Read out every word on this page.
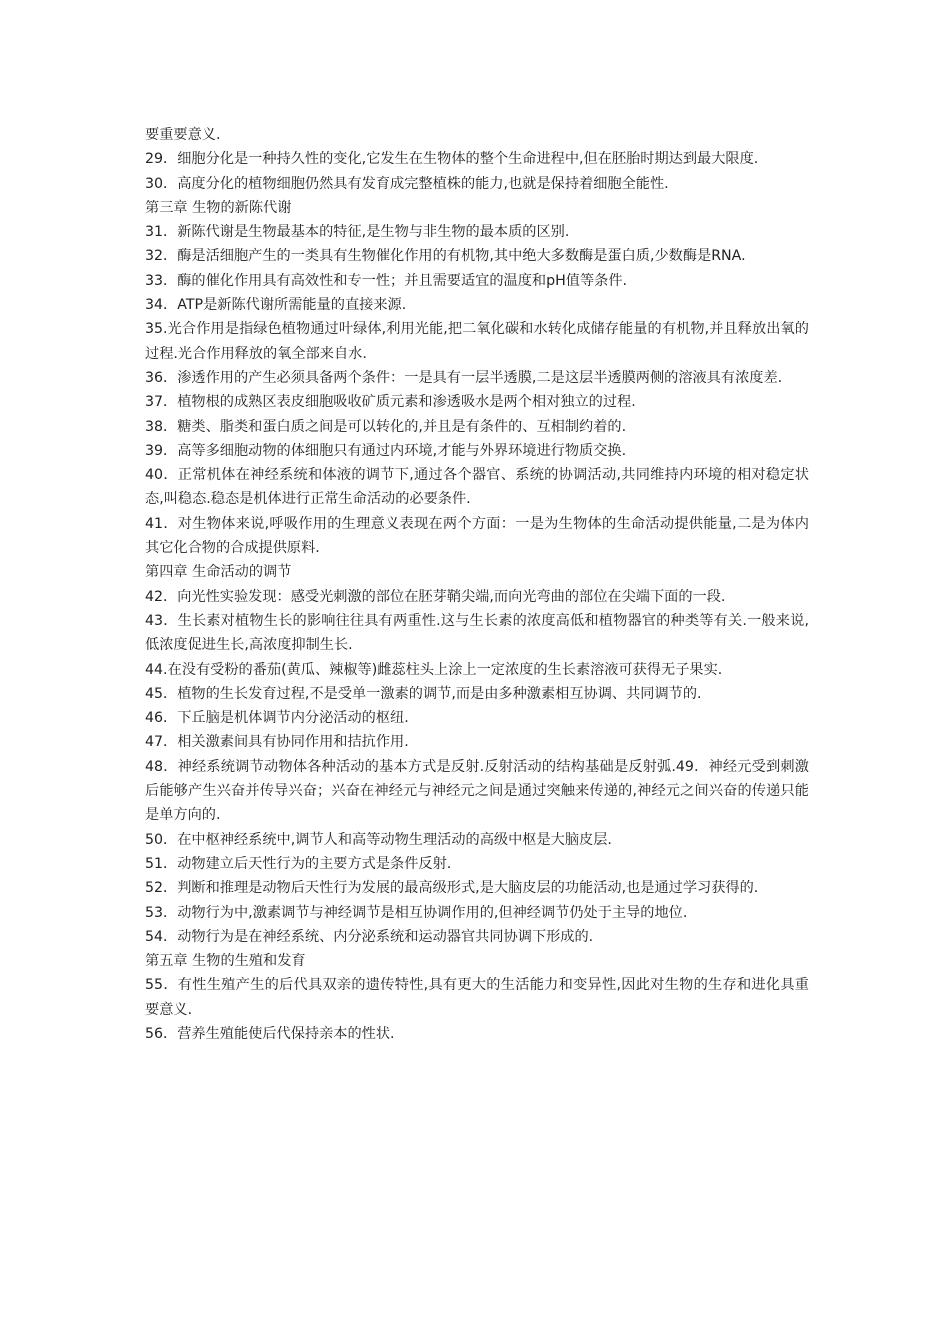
要重要意义.

29．细胞分化是一种持久性的变化,它发生在生物体的整个生命进程中,但在胚胎时期达到最大限度.

30．高度分化的植物细胞仍然具有发育成完整植株的能力,也就是保持着细胞全能性.

第三章 生物的新陈代谢

31．新陈代谢是生物最基本的特征,是生物与非生物的最本质的区别.

32．酶是活细胞产生的一类具有生物催化作用的有机物,其中绝大多数酶是蛋白质,少数酶是RNA.

33．酶的催化作用具有高效性和专一性；并且需要适宜的温度和pH值等条件.

34．ATP是新陈代谢所需能量的直接来源.

35.光合作用是指绿色植物通过叶绿体,利用光能,把二氧化碳和水转化成储存能量的有机物,并且释放出氧的过程.光合作用释放的氧全部来自水.

36．渗透作用的产生必须具备两个条件：一是具有一层半透膜,二是这层半透膜两侧的溶液具有浓度差.

37．植物根的成熟区表皮细胞吸收矿质元素和渗透吸水是两个相对独立的过程.

38．糖类、脂类和蛋白质之间是可以转化的,并且是有条件的、互相制约着的.

39．高等多细胞动物的体细胞只有通过内环境,才能与外界环境进行物质交换.

40．正常机体在神经系统和体液的调节下,通过各个器官、系统的协调活动,共同维持内环境的相对稳定状态,叫稳态.稳态是机体进行正常生命活动的必要条件.

41．对生物体来说,呼吸作用的生理意义表现在两个方面：一是为生物体的生命活动提供能量,二是为体内其它化合物的合成提供原料.

第四章 生命活动的调节

42．向光性实验发现：感受光刺激的部位在胚芽鞘尖端,而向光弯曲的部位在尖端下面的一段.

43．生长素对植物生长的影响往往具有两重性.这与生长素的浓度高低和植物器官的种类等有关.一般来说,低浓度促进生长,高浓度抑制生长.

44.在没有受粉的番茄(黄瓜、辣椒等)雌蕊柱头上涂上一定浓度的生长素溶液可获得无子果实.

45．植物的生长发育过程,不是受单一激素的调节,而是由多种激素相互协调、共同调节的.

46．下丘脑是机体调节内分泌活动的枢纽.

47．相关激素间具有协同作用和拮抗作用.

48．神经系统调节动物体各种活动的基本方式是反射.反射活动的结构基础是反射弧.49．神经元受到刺激后能够产生兴奋并传导兴奋；兴奋在神经元与神经元之间是通过突触来传递的,神经元之间兴奋的传递只能是单方向的.

50．在中枢神经系统中,调节人和高等动物生理活动的高级中枢是大脑皮层.

51．动物建立后天性行为的主要方式是条件反射.

52．判断和推理是动物后天性行为发展的最高级形式,是大脑皮层的功能活动,也是通过学习获得的.

53．动物行为中,激素调节与神经调节是相互协调作用的,但神经调节仍处于主导的地位.

54．动物行为是在神经系统、内分泌系统和运动器官共同协调下形成的.

第五章 生物的生殖和发育

55．有性生殖产生的后代具双亲的遗传特性,具有更大的生活能力和变异性,因此对生物的生存和进化具重要意义.

56．营养生殖能使后代保持亲本的性状.
